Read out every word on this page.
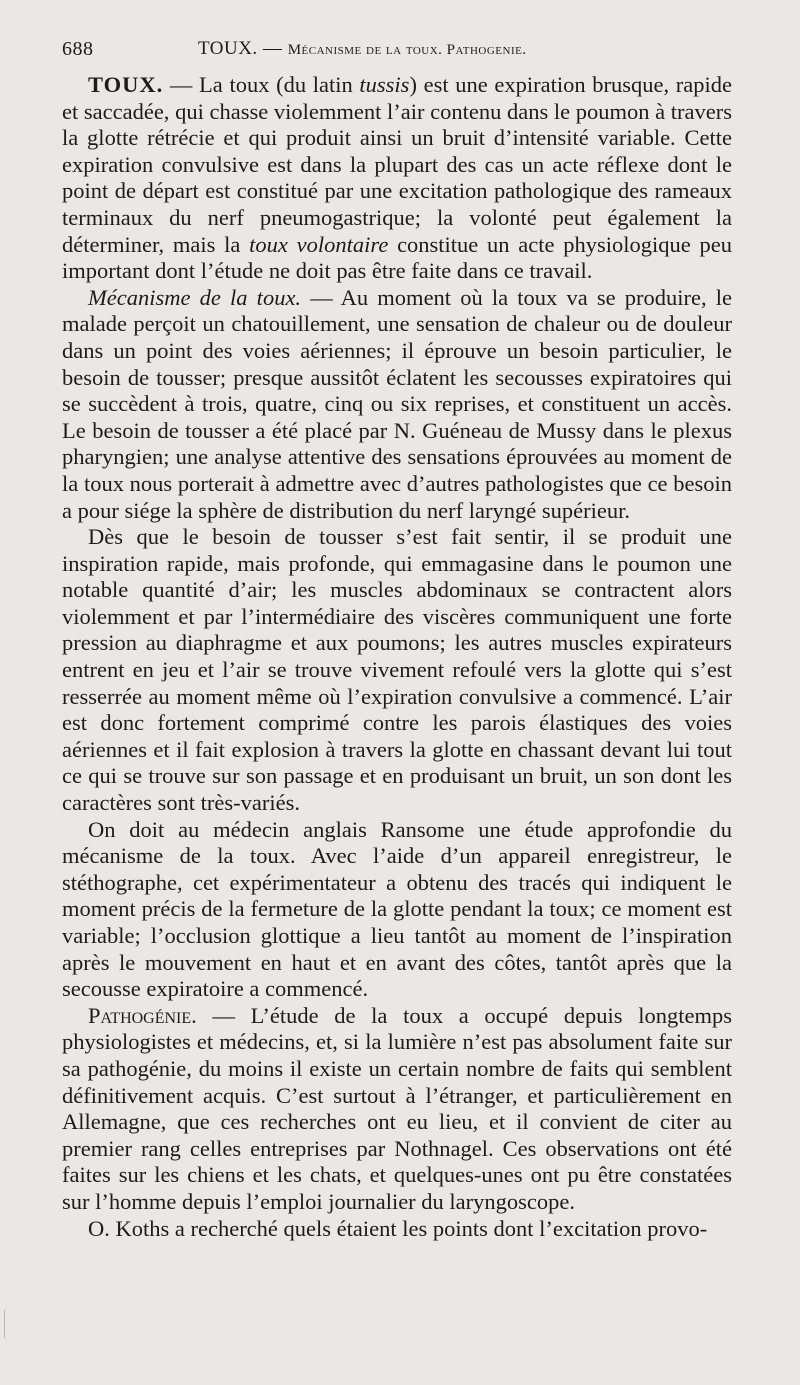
688	TOUX. — Mécanisme de la toux. Pathogenie.

TOUX. — La toux (du latin tussis) est une expiration brusque, rapide et saccadée, qui chasse violemment l’air contenu dans le poumon à travers la glotte rétrécie et qui produit ainsi un bruit d’intensité variable. Cette expiration convulsive est dans la plupart des cas un acte réflexe dont le point de départ est constitué par une excitation pathologique des rameaux terminaux du nerf pneumogastrique; la volonté peut également la déterminer, mais la toux volontaire constitue un acte physiologique peu important dont l’étude ne doit pas être faite dans ce travail.

Mécanisme de la toux. — Au moment où la toux va se produire, le malade perçoit un chatouillement, une sensation de chaleur ou de douleur dans un point des voies aériennes; il éprouve un besoin particulier, le besoin de tousser; presque aussitôt éclatent les secousses expiratoires qui se succèdent à trois, quatre, cinq ou six reprises, et constituent un accès. Le besoin de tousser a été placé par N. Guéneau de Mussy dans le plexus pharyngien; une analyse attentive des sensations éprouvées au moment de la toux nous porterait à admettre avec d’autres pathologistes que ce besoin a pour siége la sphère de distribution du nerf laryngé supérieur.

Dès que le besoin de tousser s’est fait sentir, il se produit une inspiration rapide, mais profonde, qui emmagasine dans le poumon une notable quantité d’air; les muscles abdominaux se contractent alors violemment et par l’intermédiaire des viscères communiquent une forte pression au diaphragme et aux poumons; les autres muscles expirateurs entrent en jeu et l’air se trouve vivement refoulé vers la glotte qui s’est resserrée au moment même où l’expiration convulsive a commencé. L’air est donc fortement comprimé contre les parois élastiques des voies aériennes et il fait explosion à travers la glotte en chassant devant lui tout ce qui se trouve sur son passage et en produisant un bruit, un son dont les caractères sont très-variés.

On doit au médecin anglais Ransome une étude approfondie du mécanisme de la toux. Avec l’aide d’un appareil enregistreur, le stéthographe, cet expérimentateur a obtenu des tracés qui indiquent le moment précis de la fermeture de la glotte pendant la toux; ce moment est variable; l’occlusion glottique a lieu tantôt au moment de l’inspiration après le mouvement en haut et en avant des côtes, tantôt après que la secousse expiratoire a commencé.

Pathogénie. — L’étude de la toux a occupé depuis longtemps physiologistes et médecins, et, si la lumière n’est pas absolument faite sur sa pathogénie, du moins il existe un certain nombre de faits qui semblent définitivement acquis. C’est surtout à l’étranger, et particulièrement en Allemagne, que ces recherches ont eu lieu, et il convient de citer au premier rang celles entreprises par Nothnagel. Ces observations ont été faites sur les chiens et les chats, et quelques-unes ont pu être constatées sur l’homme depuis l’emploi journalier du laryngoscope.

O. Koths a recherché quels étaient les points dont l’excitation provo-
